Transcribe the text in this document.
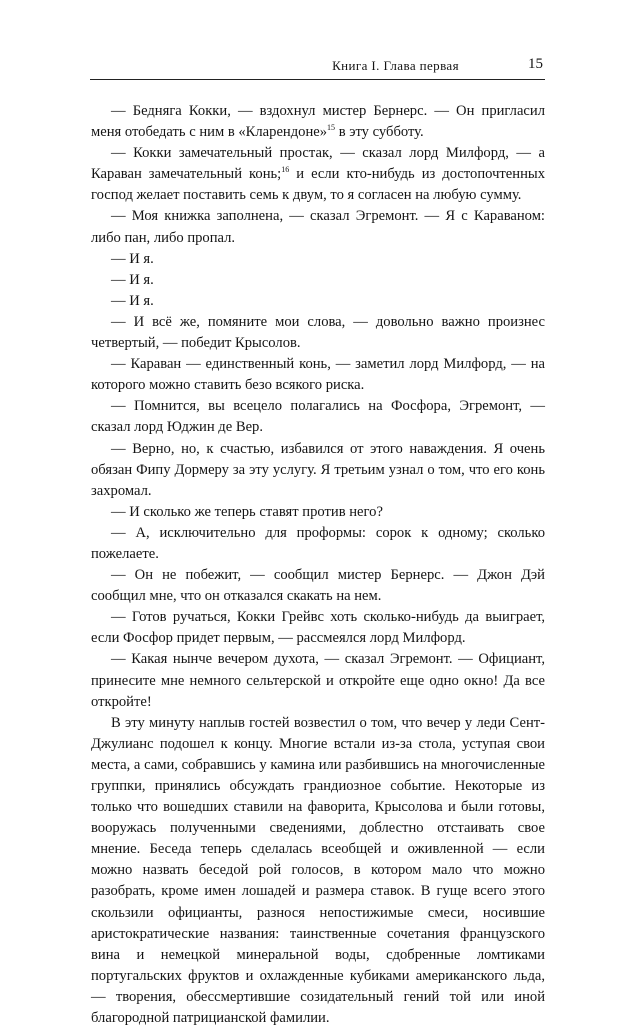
Книга I. Глава первая	15

— Бедняга Кокки, — вздохнул мистер Бернерс. — Он пригласил меня отобедать с ним в «Кларендоне»$^{15}$ в эту субботу.

— Кокки замечательный простак, — сказал лорд Милфорд, — а Караван замечательный конь;$^{16}$ и если кто-нибудь из достопочтенных господ желает поставить семь к двум, то я согласен на любую сумму.

— Моя книжка заполнена, — сказал Эгремонт. — Я с Караваном: либо пан, либо пропал.

— И я.

— И я.

— И я.

— И всё же, помяните мои слова, — довольно важно произнес четвертый, — победит Крысолов.

— Караван — единственный конь, — заметил лорд Милфорд, — на которого можно ставить безо всякого риска.

— Помнится, вы всецело полагались на Фосфора, Эгремонт, — сказал лорд Юджин де Вер.

— Верно, но, к счастью, избавился от этого наваждения. Я очень обязан Фипу Дормеру за эту услугу. Я третьим узнал о том, что его конь захромал.

— И сколько же теперь ставят против него?

— А, исключительно для проформы: сорок к одному; сколько пожелаете.

— Он не побежит, — сообщил мистер Бернерс. — Джон Дэй сообщил мне, что он отказался скакать на нем.

— Готов ручаться, Кокки Грейвс хоть сколько-нибудь да выиграет, если Фосфор придет первым, — рассмеялся лорд Милфорд.

— Какая нынче вечером духота, — сказал Эгремонт. — Официант, принесите мне немного сельтерской и откройте еще одно окно! Да все откройте!

В эту минуту наплыв гостей возвестил о том, что вечер у леди Сент-Джулианс подошел к концу. Многие встали из-за стола, уступая свои места, а сами, собравшись у камина или разбившись на многочисленные группки, принялись обсуждать грандиозное событие. Некоторые из только что вошедших ставили на фаворита, Крысолова и были готовы, вооружась полученными сведениями, доблестно отстаивать свое мнение. Беседа теперь сделалась всеобщей и оживленной — если можно назвать беседой рой голосов, в котором мало что можно разобрать, кроме имен лошадей и размера ставок. В гуще всего этого скользили официанты, разнося непостижимые смеси, носившие аристократические названия: таинственные сочетания французского вина и немецкой минеральной воды, сдобренные ломтиками португальских фруктов и охлажденные кубиками американского льда, — творения, обессмертившие созидательный гений той или иной благородной патрицианской фамилии.
